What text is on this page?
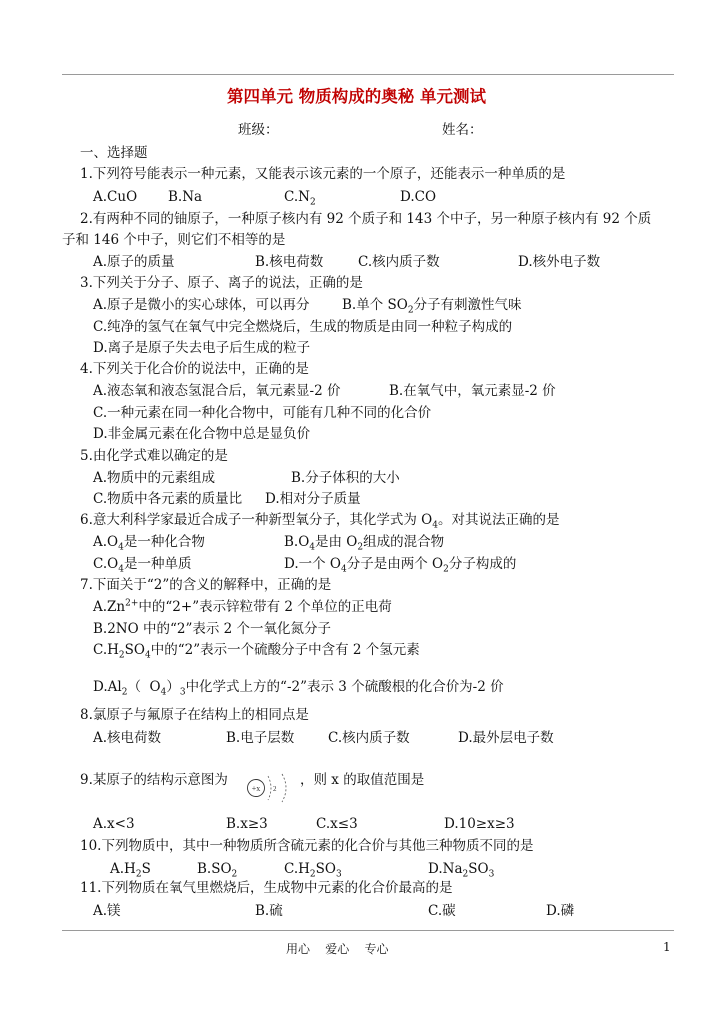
第四单元 物质构成的奥秘 单元测试
班级：	姓名：
一、选择题
1.下列符号能表示一种元素，又能表示该元素的一个原子，还能表示一种单质的是
A.CuO B.Na	$C.N_2$	D.CO
2.有两种不同的铀原子，一种原子核内有 92 个质子和 143 个中子，另一种原子核内有 92 个质
子和 146 个中子，则它们不相等的是
A.原子的质量	B.核电荷数	C.核内质子数	D.核外电子数
3.下列关于分子、原子、离子的说法，正确的是
A.原子是微小的实心球体，可以再分 B.单个 $SO_2$分子有刺激性气味
C.纯净的氢气在氧气中完全燃烧后，生成的物质是由同一种粒子构成的
D.离子是原子失去电子后生成的粒子
4.下列关于化合价的说法中，正确的是
A.液态氧和液态氢混合后，氧元素显-2 价	B.在氧气中，氧元素显-2 价
C.一种元素在同一种化合物中，可能有几种不同的化合价
D.非金属元素在化合物中总是显负价
5.由化学式难以确定的是
A.物质中的元素组成	B.分子体积的大小
C.物质中各元素的质量比 D.相对分子质量
6.意大利科学家最近合成子一种新型氧分子，其化学式为 $O_4$。对其说法正确的是
$A.O_4$是一种化合物	$B.O_4$是由 $O_2$组成的混合物
$C.O_4$是一种单质	D.一个 $O_4$分子是由两个 $O_2$分子构成的
7.下面关于“2”的含义的解释中，正确的是
$A.Zn^{2+}$中的“2+”表示锌粒带有 2 个单位的正电荷
B.2NO 中的“2”表示 2 个一氧化氮分子
$C.H_2SO_4$中的“2”表示一个硫酸分子中含有 2 个氢元素
$D.Al_2$（  $O_4)_3$中化学式上方的“-2”表示 3 个硫酸根的化合价为-2 价
8.氯原子与氟原子在结构上的相同点是
A.核电荷数	B.电子层数	C.核内质子数	D.最外层电子数
9.某原子的结构示意图为
+x 2
，则 x 的取值范围是
A.x<3	B.x≥3	C.x≤3	D.10≥x≥3
10.下列物质中，其中一种物质所含硫元素的化合价与其他三种物质不同的是
$A.H_2S$	$B.SO_2$	$C.H_2SO_3$	$D.Na_2SO_3$
11.下列物质在氧气里燃烧后，生成物中元素的化合价最高的是
A.镁	B.硫	C.碳	D.磷
用心    爱心    专心	1
